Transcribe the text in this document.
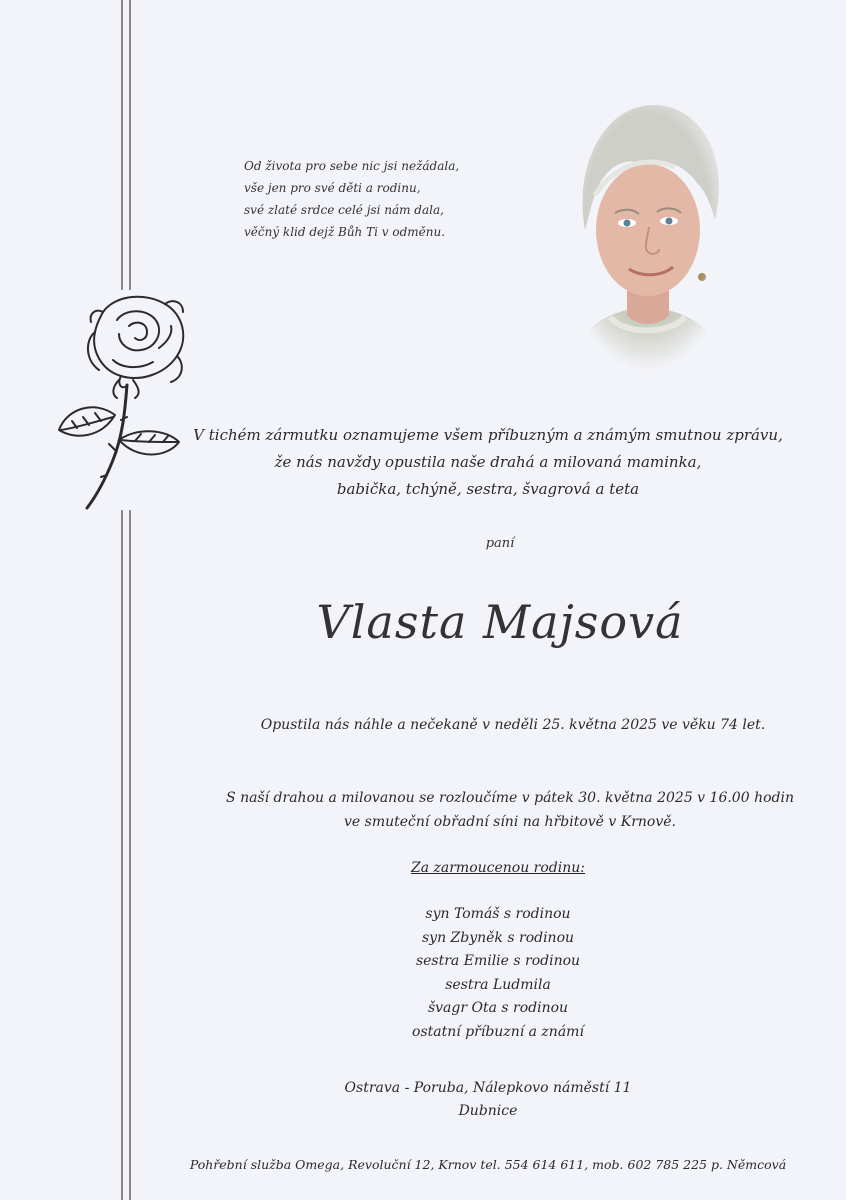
Od života pro sebe nic jsi nežádala,
vše jen pro své děti a rodinu,
své zlaté srdce celé jsi nám dala,
věčný klid dejž Bůh Ti v odměnu.
V tichém zármutku oznamujeme všem příbuzným a známým smutnou zprávu,
že nás navždy opustila naše drahá a milovaná maminka,
babička, tchýně, sestra, švagrová a teta
paní
Vlasta Majsová
Opustila nás náhle a nečekaně v neděli 25. května 2025 ve věku 74 let.
S naší drahou a milovanou se rozloučíme v pátek 30. května 2025 v 16.00 hodin
ve smuteční obřadní síni na hřbitově v Krnově.
Za zarmoucenou rodinu:
syn Tomáš s rodinou
syn Zbyněk s rodinou
sestra Emilie s rodinou
sestra Ludmila
švagr Ota s rodinou
ostatní příbuzní a známí
Ostrava - Poruba, Nálepkovo náměstí 11
Dubnice
Pohřební služba Omega, Revoluční 12, Krnov tel. 554 614 611, mob. 602 785 225 p. Němcová
